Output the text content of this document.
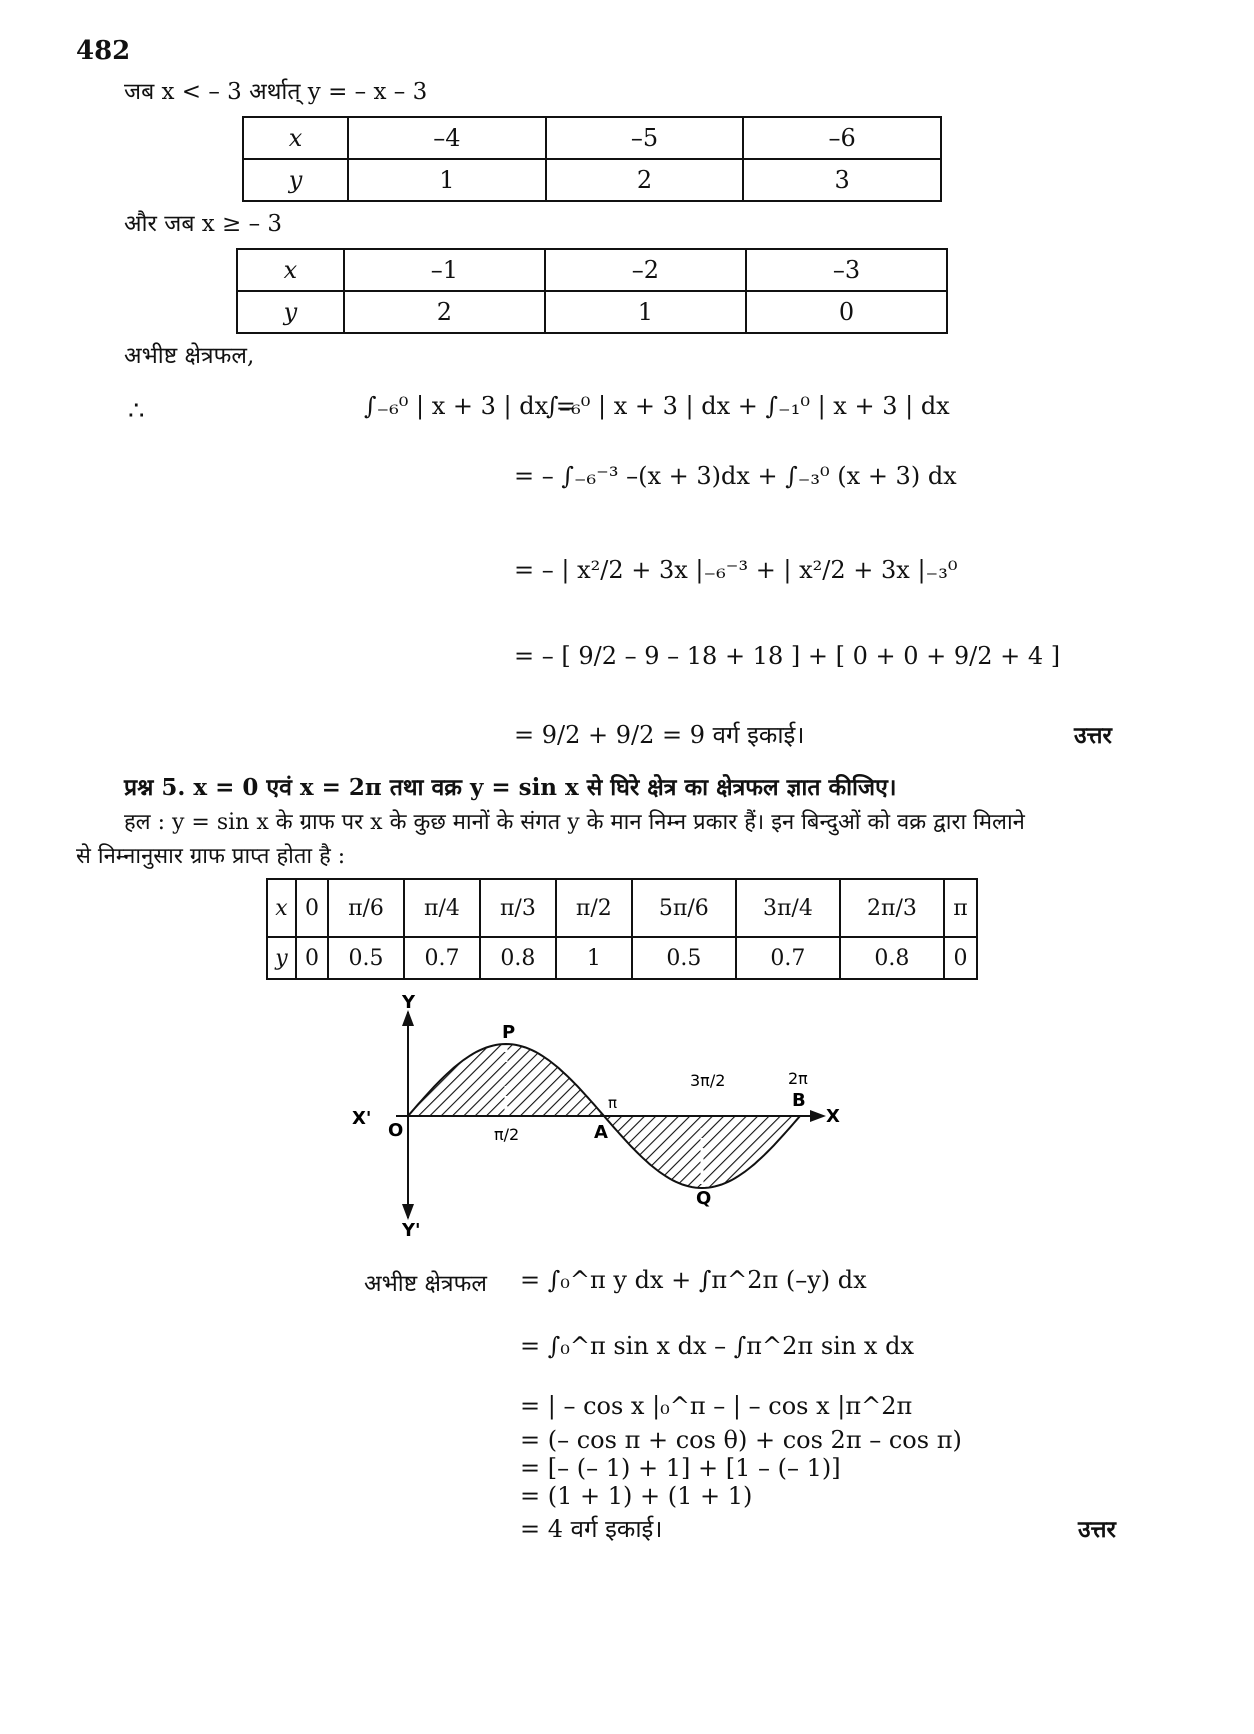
482
जब x < – 3 अर्थात् y = – x – 3
x	–4	–5	–6
y	1	2	3
और जब x ≥ – 3
x	–1	–2	–3
y	2	1	0
अभीष्ट क्षेत्रफल,
∴	∫₋₆⁰ | x + 3 | dx =
∫₋₆⁰ | x + 3 | dx + ∫₋₁⁰ | x + 3 | dx
= – ∫₋₆⁻³ –(x + 3)dx + ∫₋₃⁰ (x + 3) dx
= – | x²/2 + 3x |₋₆⁻³ + | x²/2 + 3x |₋₃⁰
= – [ 9/2 – 9 – 18 + 18 ] + [ 0 + 0 + 9/2 + 4 ]
= 9/2 + 9/2 = 9 वर्ग इकाई।	उत्तर
प्रश्न 5. x = 0 एवं x = 2π तथा वक्र y = sin x से घिरे क्षेत्र का क्षेत्रफल ज्ञात कीजिए।
हल : y = sin x के ग्राफ पर x के कुछ मानों के संगत y के मान निम्न प्रकार हैं। इन बिन्दुओं को वक्र द्वारा मिलाने
से निम्नानुसार ग्राफ प्राप्त होता है :
x	0	π/6	π/4	π/3	π/2	5π/6	3π/4	2π/3	π
y	0	0.5	0.7	0.8	1	0.5	0.7	0.8	0
Y
Y'
X'	X
O
P
A
Q
B
π
π/2
3π/2	2π
अभीष्ट क्षेत्रफल = ∫₀^π y dx + ∫π^2π (–y) dx
= ∫₀^π sin x dx – ∫π^2π sin x dx
= | – cos x |₀^π – | – cos x |π^2π
= (– cos π + cos θ) + cos 2π – cos π)
= [– (– 1) + 1] + [1 – (– 1)]
= (1 + 1) + (1 + 1)
= 4 वर्ग इकाई।	उत्तर
